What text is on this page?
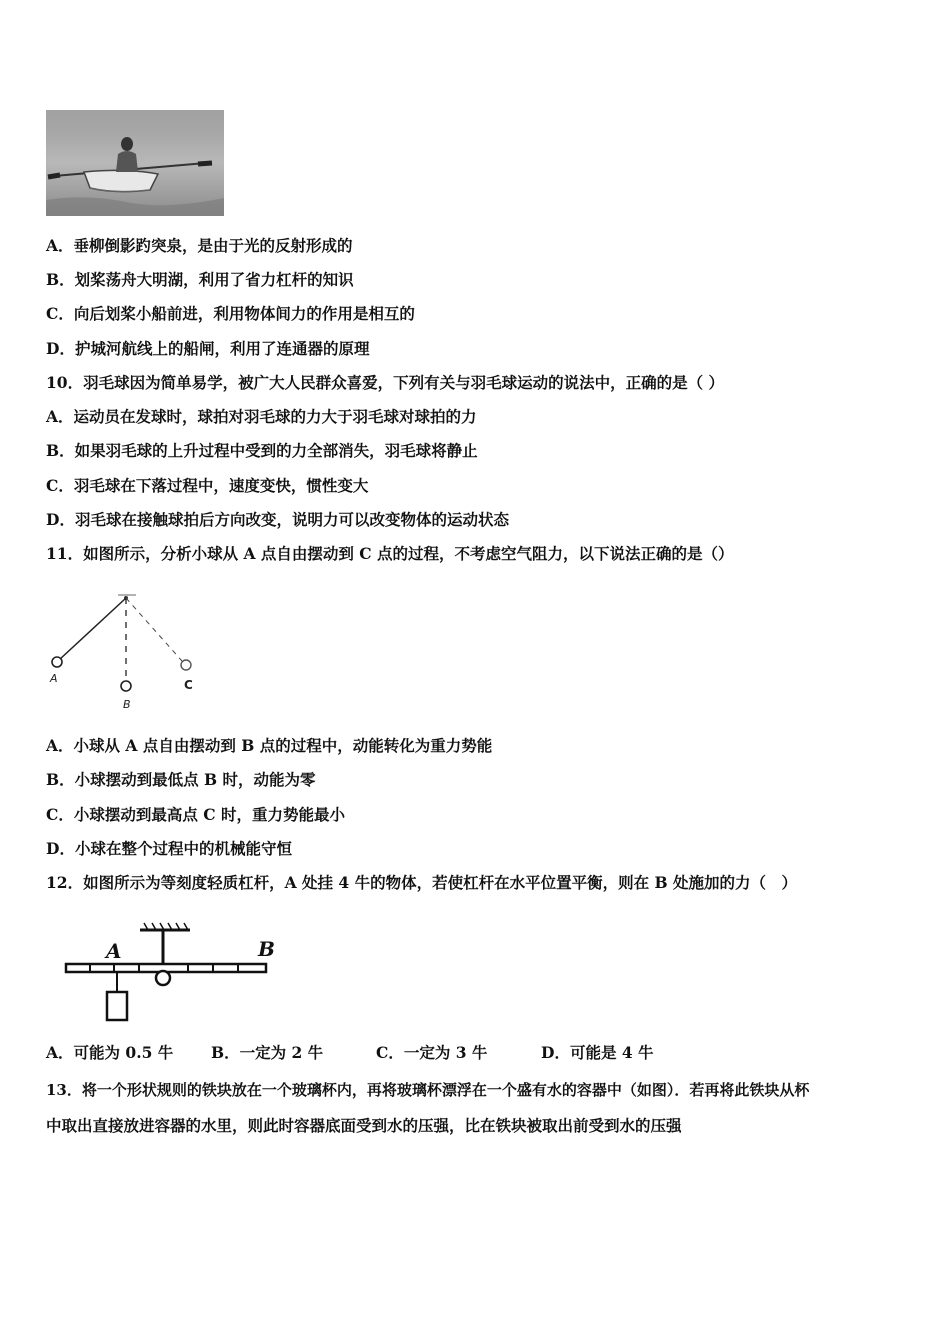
A．垂柳倒影趵突泉，是由于光的反射形成的
B．划桨荡舟大明湖，利用了省力杠杆的知识
C．向后划桨小船前进，利用物体间力的作用是相互的
D．护城河航线上的船闸，利用了连通器的原理
10．羽毛球因为简单易学，被广大人民群众喜爱，下列有关与羽毛球运动的说法中，正确的是（ ）
A．运动员在发球时，球拍对羽毛球的力大于羽毛球对球拍的力
B．如果羽毛球的上升过程中受到的力全部消失，羽毛球将静止
C．羽毛球在下落过程中，速度变快，惯性变大
D．羽毛球在接触球拍后方向改变，说明力可以改变物体的运动状态
11．如图所示，分析小球从 A 点自由摆动到 C 点的过程，不考虑空气阻力，以下说法正确的是（）
A
B
C
A．小球从 A 点自由摆动到 B 点的过程中，动能转化为重力势能
B．小球摆动到最低点 B 时，动能为零
C．小球摆动到最高点 C 时，重力势能最小
D．小球在整个过程中的机械能守恒
12．如图所示为等刻度轻质杠杆，A 处挂 4 牛的物体，若使杠杆在水平位置平衡，则在 B 处施加的力（　）
A	B
A．可能为 0.5 牛 B．一定为 2 牛	C．一定为 3 牛	D．可能是 4 牛
13．将一个形状规则的铁块放在一个玻璃杯内，再将玻璃杯漂浮在一个盛有水的容器中（如图）．若再将此铁块从杯
中取出直接放进容器的水里，则此时容器底面受到水的压强，比在铁块被取出前受到水的压强
